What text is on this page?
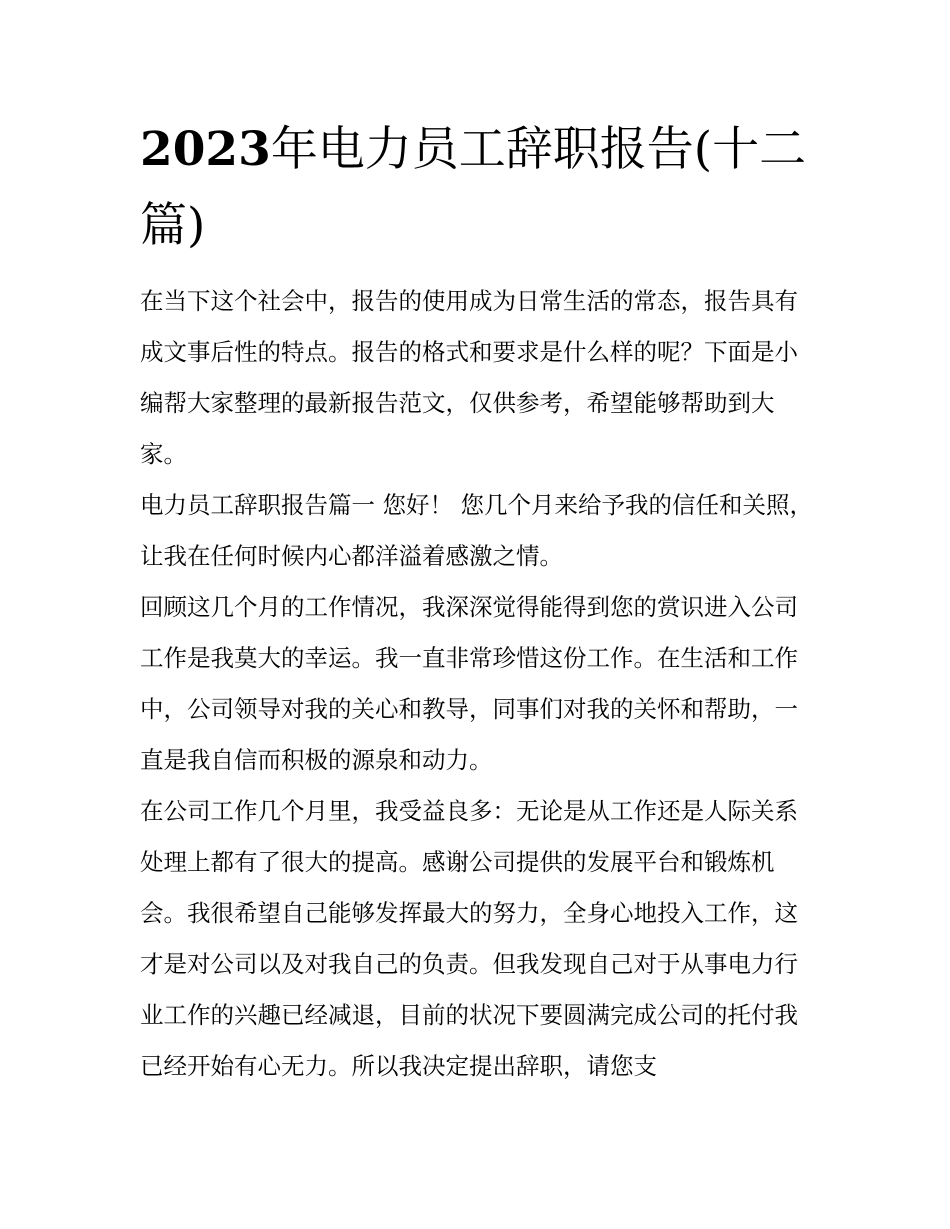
2023年电力员工辞职报告(十二篇)

在当下这个社会中，报告的使用成为日常生活的常态，报告具有成文事后性的特点。报告的格式和要求是什么样的呢？下面是小编帮大家整理的最新报告范文，仅供参考，希望能够帮助到大家。

电力员工辞职报告篇一 您好！ 您几个月来给予我的信任和关照，让我在任何时候内心都洋溢着感激之情。

回顾这几个月的工作情况，我深深觉得能得到您的赏识进入公司工作是我莫大的幸运。我一直非常珍惜这份工作。在生活和工作中，公司领导对我的关心和教导，同事们对我的关怀和帮助，一直是我自信而积极的源泉和动力。

在公司工作几个月里，我受益良多：无论是从工作还是人际关系处理上都有了很大的提高。感谢公司提供的发展平台和锻炼机会。我很希望自己能够发挥最大的努力，全身心地投入工作，这才是对公司以及对我自己的负责。但我发现自己对于从事电力行业工作的兴趣已经减退，目前的状况下要圆满完成公司的托付我已经开始有心无力。所以我决定提出辞职，请您支
